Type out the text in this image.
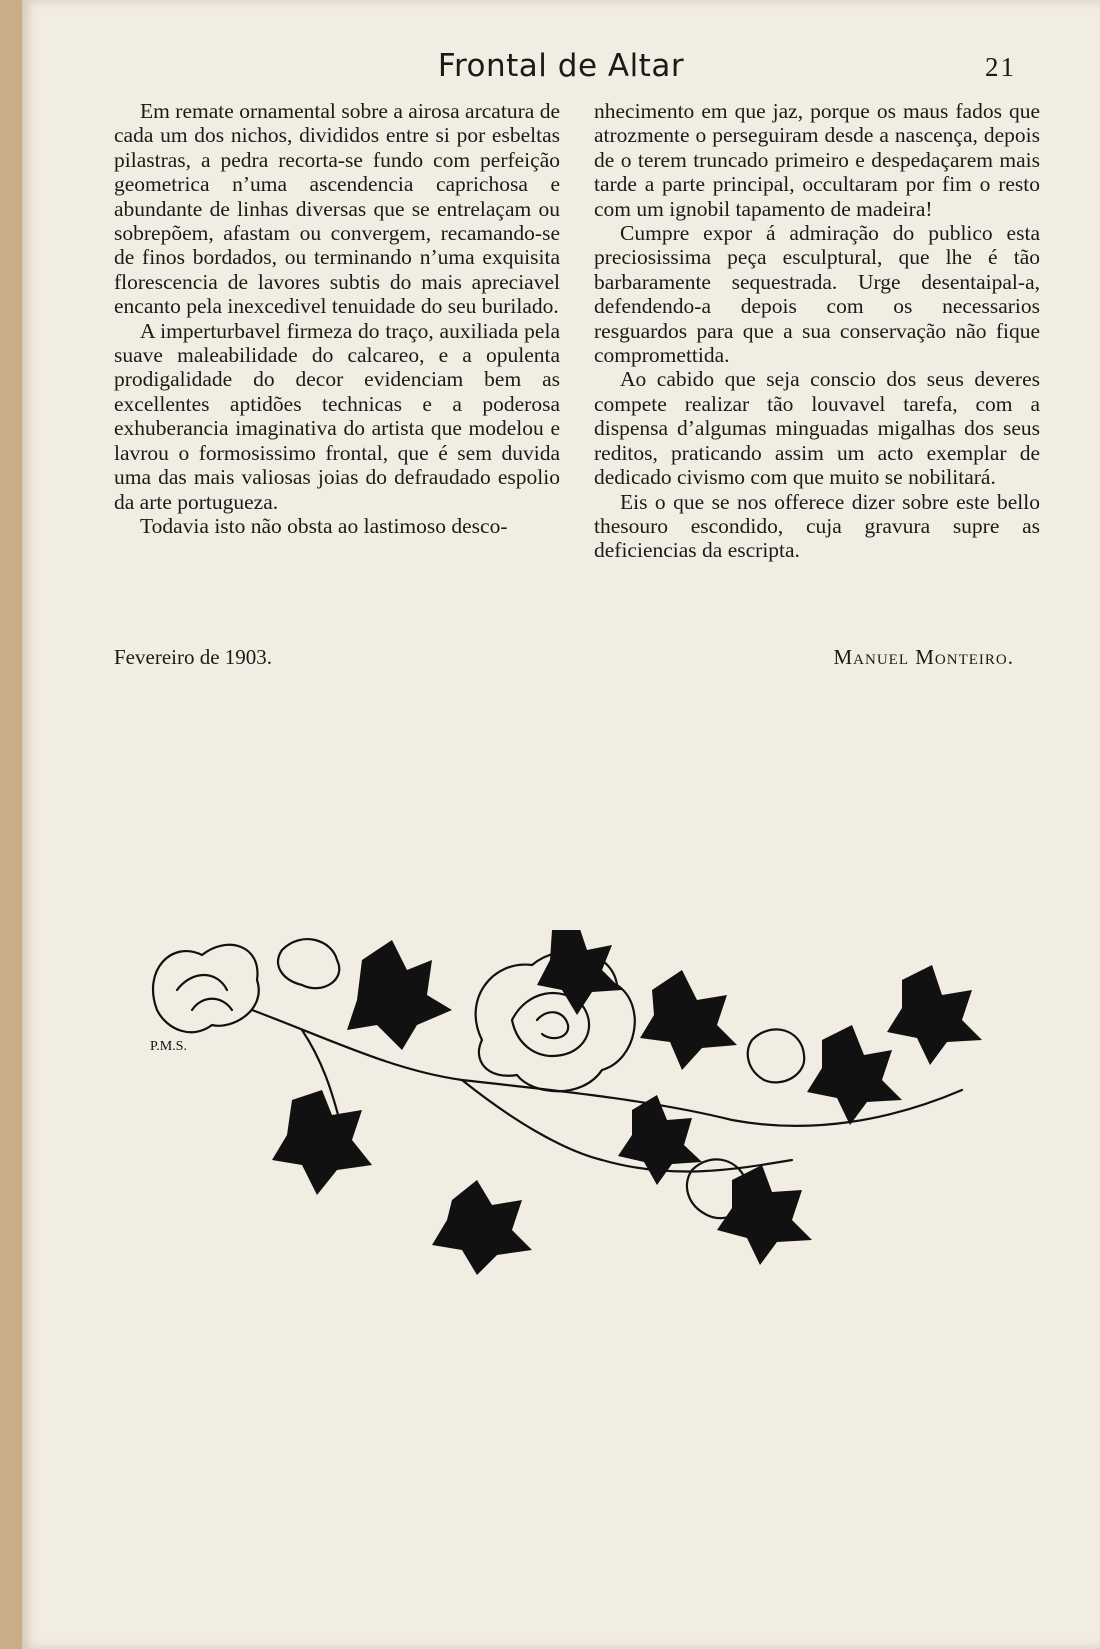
Frontal de Altar	21

Em remate ornamental sobre a airosa arcatura de cada um dos nichos, divididos entre si por esbeltas pilastras, a pedra recorta-se fundo com perfeição geometrica n’uma ascendencia caprichosa e abundante de linhas diversas que se entrelaçam ou sobrepõem, afastam ou convergem, recamando-se de finos bordados, ou terminando n’uma exquisita florescencia de lavores subtis do mais apreciavel encanto pela inexcedivel tenuidade do seu burilado.

A imperturbavel firmeza do traço, auxiliada pela suave maleabilidade do calcareo, e a opulenta prodigalidade do decor evidenciam bem as excellentes aptidões technicas e a poderosa exhuberancia imaginativa do artista que modelou e lavrou o formosissimo frontal, que é sem duvida uma das mais valiosas joias do defraudado espolio da arte portugueza.

Todavia isto não obsta ao lastimoso desco-

nhecimento em que jaz, porque os maus fados que atrozmente o perseguiram desde a nascença, depois de o terem truncado primeiro e despedaçarem mais tarde a parte principal, occultaram por fim o resto com um ignobil tapamento de madeira!

Cumpre expor á admiração do publico esta preciosissima peça esculptural, que lhe é tão barbaramente sequestrada. Urge desentaipal-a, defendendo-a depois com os necessarios resguardos para que a sua conservação não fique compromettida.

Ao cabido que seja conscio dos seus deveres compete realizar tão louvavel tarefa, com a dispensa d’algumas minguadas migalhas dos seus reditos, praticando assim um acto exemplar de dedicado civismo com que muito se nobilitará.

Eis o que se nos offerece dizer sobre este bello thesouro escondido, cuja gravura supre as deficiencias da escripta.

Fevereiro de 1903.	Manuel Monteiro.
P.M.S.
